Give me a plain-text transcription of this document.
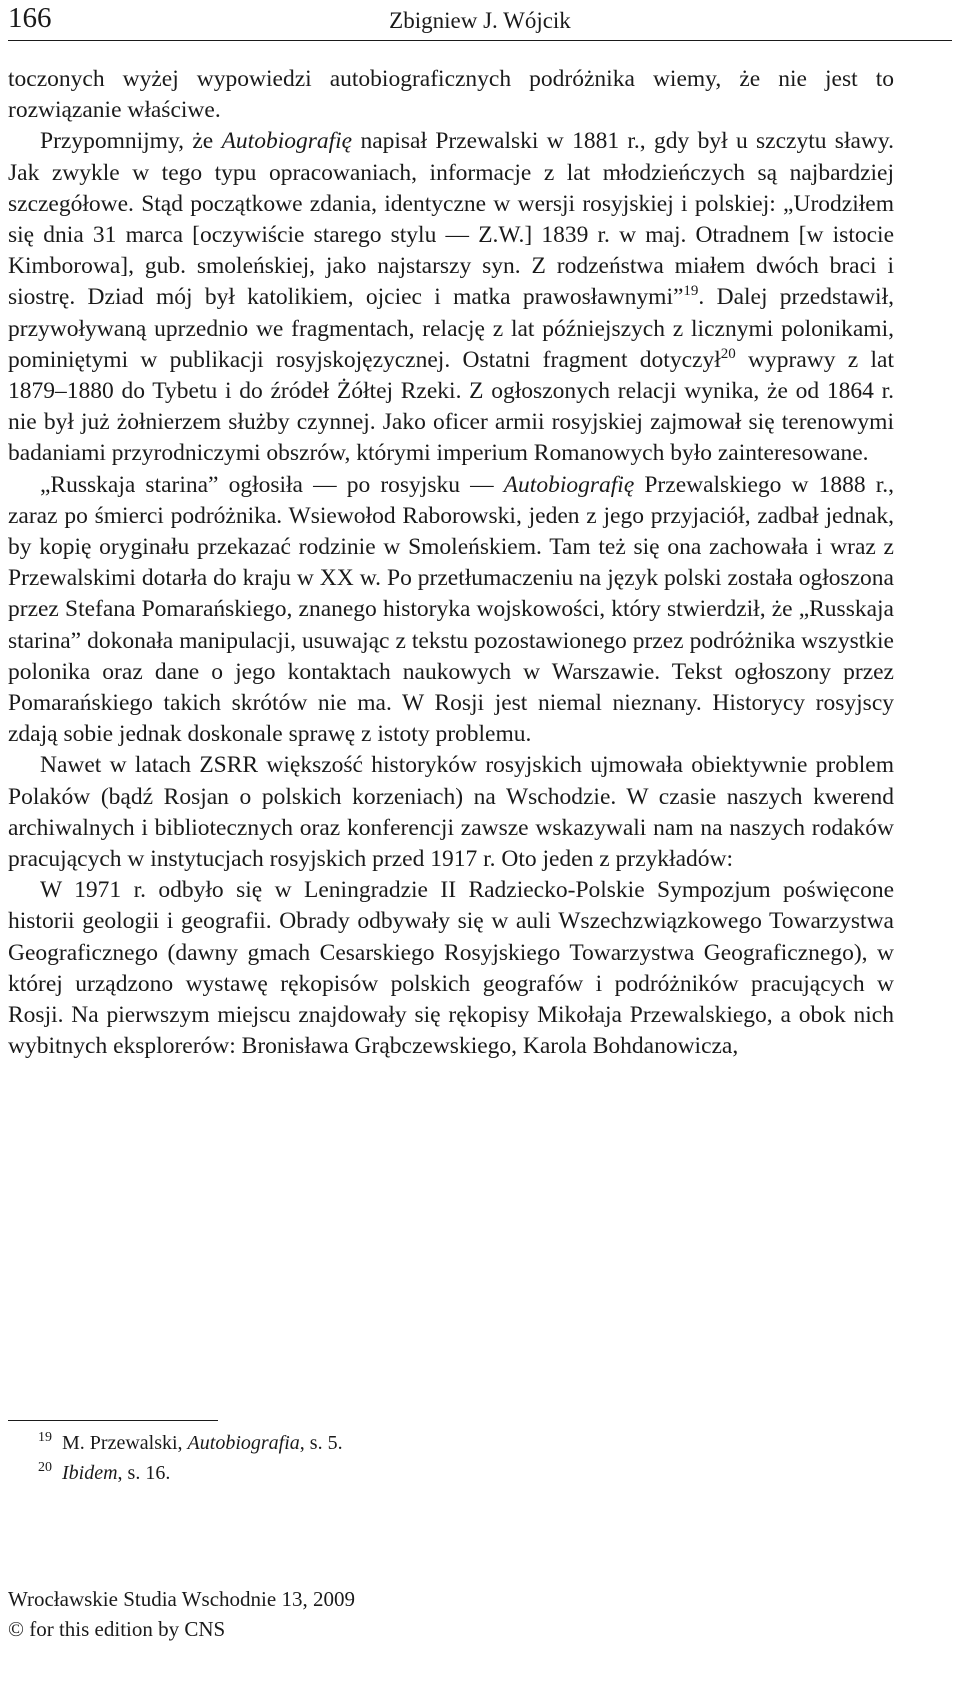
166	Zbigniew J. Wójcik

toczonych wyżej wypowiedzi autobiograficznych podróżnika wiemy, że nie jest to rozwiązanie właściwe.

Przypomnijmy, że Autobiografię napisał Przewalski w 1881 r., gdy był u szczytu sławy. Jak zwykle w tego typu opracowaniach, informacje z lat młodzieńczych są najbardziej szczegółowe. Stąd początkowe zdania, identyczne w wersji rosyjskiej i polskiej: „Urodziłem się dnia 31 marca [oczywiście starego stylu — Z.W.] 1839 r. w maj. Otradnem [w istocie Kimborowa], gub. smoleńskiej, jako najstarszy syn. Z rodzeństwa miałem dwóch braci i siostrę. Dziad mój był katolikiem, ojciec i matka prawosławnymi”$^{19}$. Dalej przedstawił, przywoływaną uprzednio we fragmentach, relację z lat późniejszych z licznymi polonikami, pominiętymi w publikacji rosyjskojęzycznej. Ostatni fragment dotyczył$^{20}$ wyprawy z lat 1879–1880 do Tybetu i do źródeł Żółtej Rzeki. Z ogłoszonych relacji wynika, że od 1864 r. nie był już żołnierzem służby czynnej. Jako oficer armii rosyjskiej zajmował się terenowymi badaniami przyrodniczymi obszrów, którymi imperium Romanowych było zainteresowane.

„Russkaja starina” ogłosiła — po rosyjsku — Autobiografię Przewalskiego w 1888 r., zaraz po śmierci podróżnika. Wsiewołod Raborowski, jeden z jego przyjaciół, zadbał jednak, by kopię oryginału przekazać rodzinie w Smoleńskiem. Tam też się ona zachowała i wraz z Przewalskimi dotarła do kraju w XX w. Po przetłumaczeniu na język polski została ogłoszona przez Stefana Pomarańskiego, znanego historyka wojskowości, który stwierdził, że „Russkaja starina” dokonała manipulacji, usuwając z tekstu pozostawionego przez podróżnika wszystkie polonika oraz dane o jego kontaktach naukowych w Warszawie. Tekst ogłoszony przez Pomarańskiego takich skrótów nie ma. W Rosji jest niemal nieznany. Historycy rosyjscy zdają sobie jednak doskonale sprawę z istoty problemu.

Nawet w latach ZSRR większość historyków rosyjskich ujmowała obiektywnie problem Polaków (bądź Rosjan o polskich korzeniach) na Wschodzie. W czasie naszych kwerend archiwalnych i bibliotecznych oraz konferencji zawsze wskazywali nam na naszych rodaków pracujących w instytucjach rosyjskich przed 1917 r. Oto jeden z przykładów:

W 1971 r. odbyło się w Leningradzie II Radziecko-Polskie Sympozjum poświęcone historii geologii i geografii. Obrady odbywały się w auli Wszechzwiązkowego Towarzystwa Geograficznego (dawny gmach Cesarskiego Rosyjskiego Towarzystwa Geograficznego), w której urządzono wystawę rękopisów polskich geografów i podróżników pracujących w Rosji. Na pierwszym miejscu znajdowały się rękopisy Mikołaja Przewalskiego, a obok nich wybitnych eksplorerów: Bronisława Grąbczewskiego, Karola Bohdanowicza,

$^{19}$ M. Przewalski, Autobiografia, s. 5.
$^{20}$ Ibidem, s. 16.
Wrocławskie Studia Wschodnie 13, 2009
© for this edition by CNS
